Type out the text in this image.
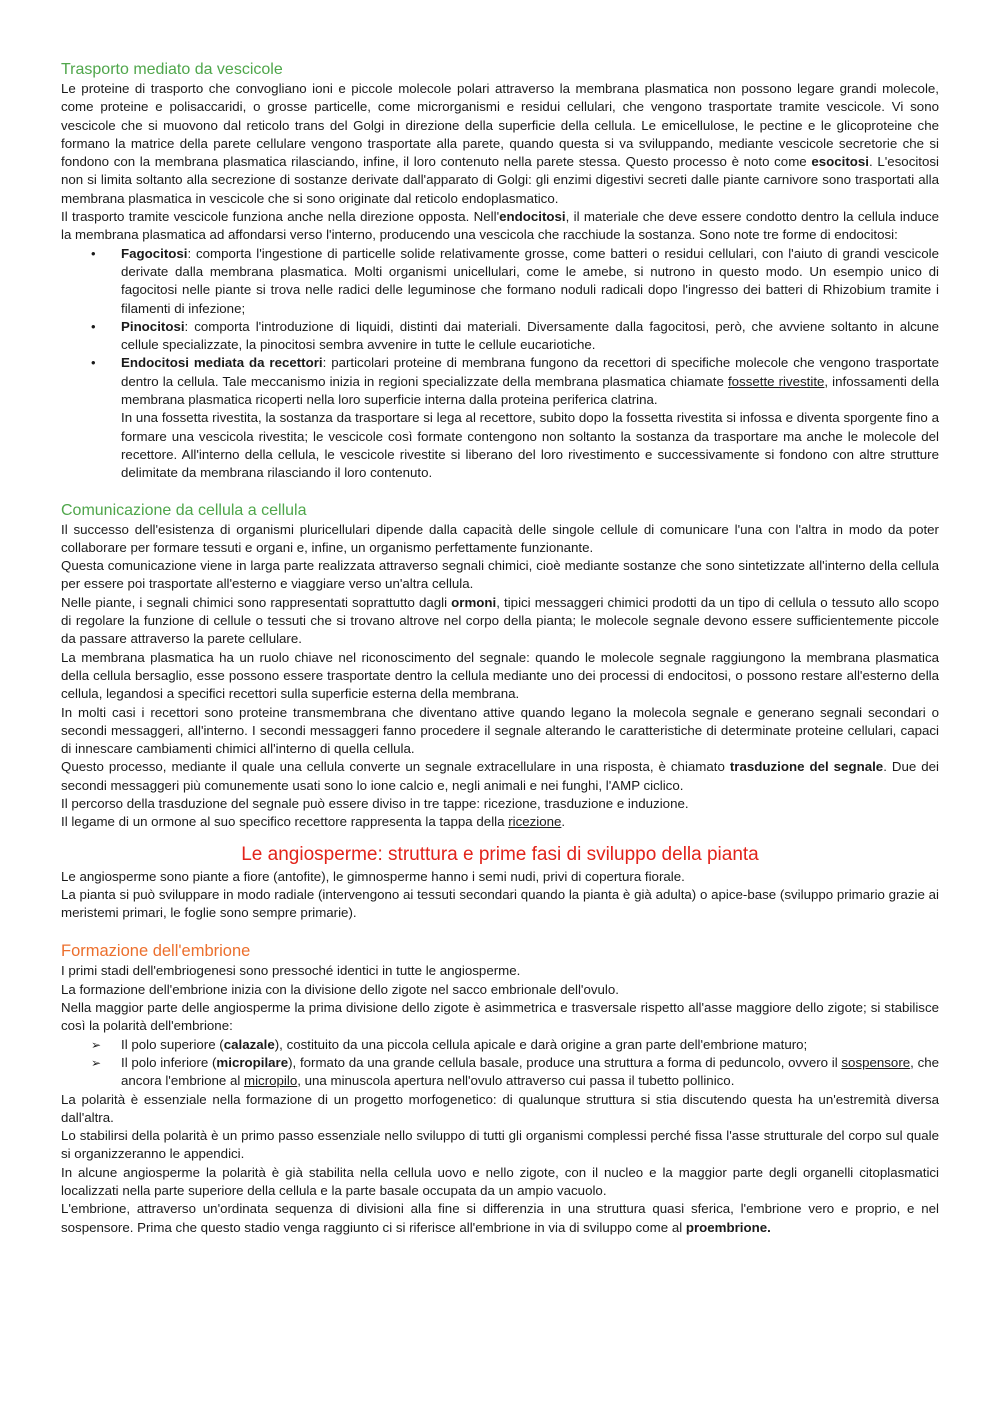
Trasporto mediato da vescicole

Le proteine di trasporto che convogliano ioni e piccole molecole polari attraverso la membrana plasmatica non possono legare grandi molecole, come proteine e polisaccaridi, o grosse particelle, come microrganismi e residui cellulari, che vengono trasportate tramite vescicole. Vi sono vescicole che si muovono dal reticolo trans del Golgi in direzione della superficie della cellula. Le emicellulose, le pectine e le glicoproteine che formano la matrice della parete cellulare vengono trasportate alla parete, quando questa si va sviluppando, mediante vescicole secretorie che si fondono con la membrana plasmatica rilasciando, infine, il loro contenuto nella parete stessa. Questo processo è noto come esocitosi. L'esocitosi non si limita soltanto alla secrezione di sostanze derivate dall'apparato di Golgi: gli enzimi digestivi secreti dalle piante carnivore sono trasportati alla membrana plasmatica in vescicole che si sono originate dal reticolo endoplasmatico.

Il trasporto tramite vescicole funziona anche nella direzione opposta. Nell'endocitosi, il materiale che deve essere condotto dentro la cellula induce la membrana plasmatica ad affondarsi verso l'interno, producendo una vescicola che racchiude la sostanza. Sono note tre forme di endocitosi:

• Fagocitosi: comporta l'ingestione di particelle solide relativamente grosse, come batteri o residui cellulari, con l'aiuto di grandi vescicole derivate dalla membrana plasmatica. Molti organismi unicellulari, come le amebe, si nutrono in questo modo. Un esempio unico di fagocitosi nelle piante si trova nelle radici delle leguminose che formano noduli radicali dopo l'ingresso dei batteri di Rhizobium tramite i filamenti di infezione;
• Pinocitosi: comporta l'introduzione di liquidi, distinti dai materiali. Diversamente dalla fagocitosi, però, che avviene soltanto in alcune cellule specializzate, la pinocitosi sembra avvenire in tutte le cellule eucariotiche.
• Endocitosi mediata da recettori: particolari proteine di membrana fungono da recettori di specifiche molecole che vengono trasportate dentro la cellula. Tale meccanismo inizia in regioni specializzate della membrana plasmatica chiamate fossette rivestite, infossamenti della membrana plasmatica ricoperti nella loro superficie interna dalla proteina periferica clatrina.

In una fossetta rivestita, la sostanza da trasportare si lega al recettore, subito dopo la fossetta rivestita si infossa e diventa sporgente fino a formare una vescicola rivestita; le vescicole così formate contengono non soltanto la sostanza da trasportare ma anche le molecole del recettore. All'interno della cellula, le vescicole rivestite si liberano del loro rivestimento e successivamente si fondono con altre strutture delimitate da membrana rilasciando il loro contenuto.

Comunicazione da cellula a cellula

Il successo dell'esistenza di organismi pluricellulari dipende dalla capacità delle singole cellule di comunicare l'una con l'altra in modo da poter collaborare per formare tessuti e organi e, infine, un organismo perfettamente funzionante.

Questa comunicazione viene in larga parte realizzata attraverso segnali chimici, cioè mediante sostanze che sono sintetizzate all'interno della cellula per essere poi trasportate all'esterno e viaggiare verso un'altra cellula.

Nelle piante, i segnali chimici sono rappresentati soprattutto dagli ormoni, tipici messaggeri chimici prodotti da un tipo di cellula o tessuto allo scopo di regolare la funzione di cellule o tessuti che si trovano altrove nel corpo della pianta; le molecole segnale devono essere sufficientemente piccole da passare attraverso la parete cellulare.

La membrana plasmatica ha un ruolo chiave nel riconoscimento del segnale: quando le molecole segnale raggiungono la membrana plasmatica della cellula bersaglio, esse possono essere trasportate dentro la cellula mediante uno dei processi di endocitosi, o possono restare all'esterno della cellula, legandosi a specifici recettori sulla superficie esterna della membrana.

In molti casi i recettori sono proteine transmembrana che diventano attive quando legano la molecola segnale e generano segnali secondari o secondi messaggeri, all'interno. I secondi messaggeri fanno procedere il segnale alterando le caratteristiche di determinate proteine cellulari, capaci di innescare cambiamenti chimici all'interno di quella cellula.

Questo processo, mediante il quale una cellula converte un segnale extracellulare in una risposta, è chiamato trasduzione del segnale. Due dei secondi messaggeri più comunemente usati sono lo ione calcio e, negli animali e nei funghi, l'AMP ciclico.

Il percorso della trasduzione del segnale può essere diviso in tre tappe: ricezione, trasduzione e induzione.

Il legame di un ormone al suo specifico recettore rappresenta la tappa della ricezione.

Le angiosperme: struttura e prime fasi di sviluppo della pianta

Le angiosperme sono piante a fiore (antofite), le gimnosperme hanno i semi nudi, privi di copertura fiorale.

La pianta si può sviluppare in modo radiale (intervengono ai tessuti secondari quando la pianta è già adulta) o apice-base (sviluppo primario grazie ai meristemi primari, le foglie sono sempre primarie).

Formazione dell'embrione

I primi stadi dell'embriogenesi sono pressoché identici in tutte le angiosperme.

La formazione dell'embrione inizia con la divisione dello zigote nel sacco embrionale dell'ovulo.

Nella maggior parte delle angiosperme la prima divisione dello zigote è asimmetrica e trasversale rispetto all'asse maggiore dello zigote; si stabilisce così la polarità dell'embrione:

➢ Il polo superiore (calazale), costituito da una piccola cellula apicale e darà origine a gran parte dell'embrione maturo;
➢ Il polo inferiore (micropilare), formato da una grande cellula basale, produce una struttura a forma di peduncolo, ovvero il sospensore, che ancora l'embrione al micropilo, una minuscola apertura nell'ovulo attraverso cui passa il tubetto pollinico.

La polarità è essenziale nella formazione di un progetto morfogenetico: di qualunque struttura si stia discutendo questa ha un'estremità diversa dall'altra.

Lo stabilirsi della polarità è un primo passo essenziale nello sviluppo di tutti gli organismi complessi perché fissa l'asse strutturale del corpo sul quale si organizzeranno le appendici.

In alcune angiosperme la polarità è già stabilita nella cellula uovo e nello zigote, con il nucleo e la maggior parte degli organelli citoplasmatici localizzati nella parte superiore della cellula e la parte basale occupata da un ampio vacuolo.

L'embrione, attraverso un'ordinata sequenza di divisioni alla fine si differenzia in una struttura quasi sferica, l'embrione vero e proprio, e nel sospensore. Prima che questo stadio venga raggiunto ci si riferisce all'embrione in via di sviluppo come al proembrione.
